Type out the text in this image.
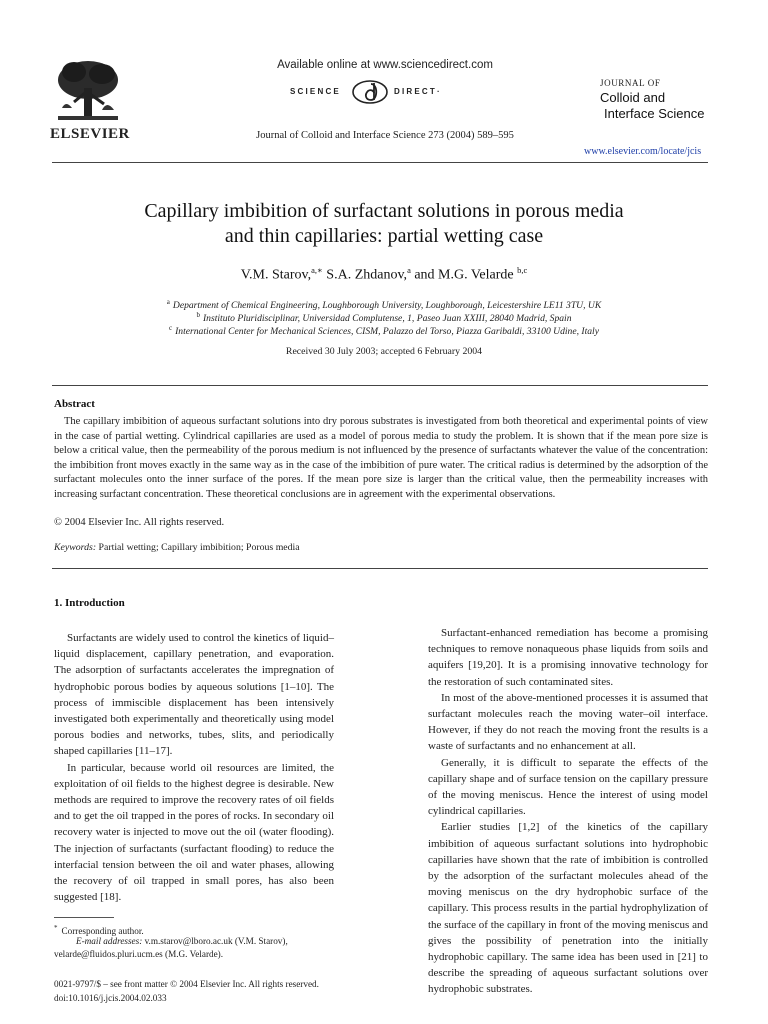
ELSEVIER
Available online at www.sciencedirect.com
SCIENCE	DIRECT·
Journal of Colloid and Interface Science 273 (2004) 589–595
JOURNAL OF
Colloid and
Interface Science
www.elsevier.com/locate/jcis
Capillary imbibition of surfactant solutions in porous media
and thin capillaries: partial wetting case
V.M. Starov,$^{a,∗}$ S.A. Zhdanov,$^a$ and M.G. Velarde $^{b,c}$
$^a$ Department of Chemical Engineering, Loughborough University, Loughborough, Leicestershire LE11 3TU, UK
$^b$ Instituto Pluridisciplinar, Universidad Complutense, 1, Paseo Juan XXIII, 28040 Madrid, Spain
$^c$ International Center for Mechanical Sciences, CISM, Palazzo del Torso, Piazza Garibaldi, 33100 Udine, Italy
Received 30 July 2003; accepted 6 February 2004
Abstract
The capillary imbibition of aqueous surfactant solutions into dry porous substrates is investigated from both theoretical and experimental points of view in the case of partial wetting. Cylindrical capillaries are used as a model of porous media to study the problem. It is shown that if the mean pore size is below a critical value, then the permeability of the porous medium is not influenced by the presence of surfactants whatever the value of the concentration: the imbibition front moves exactly in the same way as in the case of the imbibition of pure water. The critical radius is determined by the adsorption of the surfactant molecules onto the inner surface of the pores. If the mean pore size is larger than the critical value, then the permeability increases with increasing surfactant concentration. These theoretical conclusions are in agreement with the experimental observations.
© 2004 Elsevier Inc. All rights reserved.
Keywords: Partial wetting; Capillary imbibition; Porous media
1. Introduction

Surfactants are widely used to control the kinetics of liquid–liquid displacement, capillary penetration, and evaporation. The adsorption of surfactants accelerates the impregnation of hydrophobic porous bodies by aqueous solutions [1–10]. The process of immiscible displacement has been intensively investigated both experimentally and theoretically using model porous bodies and networks, tubes, slits, and periodically shaped capillaries [11–17].

In particular, because world oil resources are limited, the exploitation of oil fields to the highest degree is desirable. New methods are required to improve the recovery rates of oil fields and to get the oil trapped in the pores of rocks. In secondary oil recovery water is injected to move out the oil (water flooding). The injection of surfactants (surfactant flooding) to reduce the interfacial tension between the oil and water phases, allowing the recovery of oil trapped in small pores, has also been suggested [18].

Surfactant-enhanced remediation has become a promising techniques to remove nonaqueous phase liquids from soils and aquifers [19,20]. It is a promising innovative technology for the restoration of such contaminated sites.

In most of the above-mentioned processes it is assumed that surfactant molecules reach the moving water–oil interface. However, if they do not reach the moving front the results is a waste of surfactants and no enhancement at all.

Generally, it is difficult to separate the effects of the capillary shape and of surface tension on the capillary pressure of the moving meniscus. Hence the interest of using model cylindrical capillaries.

Earlier studies [1,2] of the kinetics of the capillary imbibition of aqueous surfactant solutions into hydrophobic capillaries have shown that the rate of imbibition is controlled by the adsorption of the surfactant molecules ahead of the moving meniscus on the dry hydrophobic surface of the capillary. This process results in the partial hydrophylization of the surface of the capillary in front of the moving meniscus and gives the possibility of penetration into the initially hydrophobic capillary. The same idea has been used in [21] to describe the spreading of aqueous surfactant solutions over hydrophobic substrates.

* Corresponding author.
E-mail addresses: v.m.starov@lboro.ac.uk (V.M. Starov),
velarde@fluidos.pluri.ucm.es (M.G. Velarde).
0021-9797/$ – see front matter © 2004 Elsevier Inc. All rights reserved.
doi:10.1016/j.jcis.2004.02.033
